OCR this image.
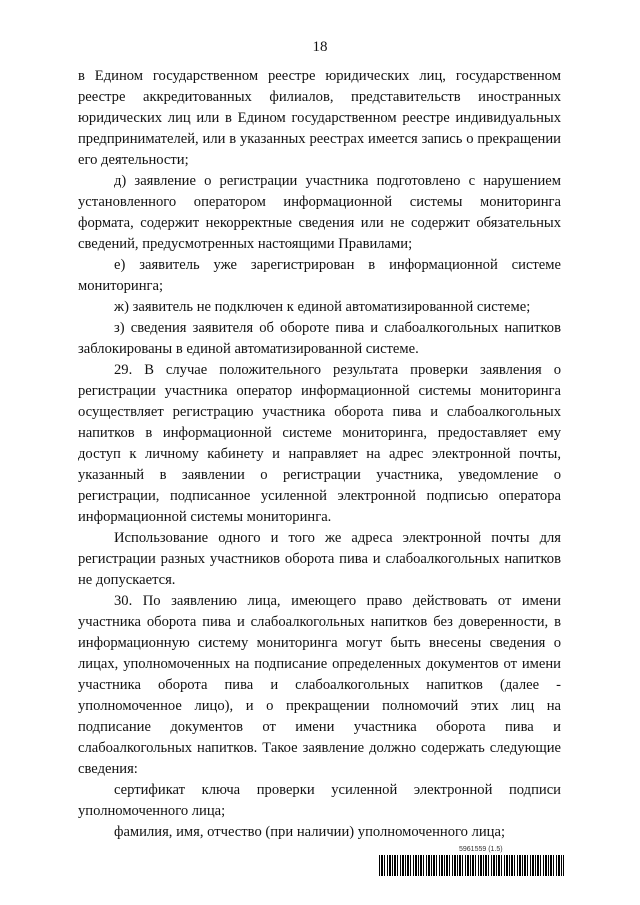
18

в Едином государственном реестре юридических лиц, государственном реестре аккредитованных филиалов, представительств иностранных юридических лиц или в Едином государственном реестре индивидуальных предпринимателей, или в указанных реестрах имеется запись о прекращении его деятельности;

д) заявление о регистрации участника подготовлено с нарушением установленного оператором информационной системы мониторинга формата, содержит некорректные сведения или не содержит обязательных сведений, предусмотренных настоящими Правилами;

е) заявитель уже зарегистрирован в информационной системе мониторинга;

ж) заявитель не подключен к единой автоматизированной системе;

з) сведения заявителя об обороте пива и слабоалкогольных напитков заблокированы в единой автоматизированной системе.

29. В случае положительного результата проверки заявления о регистрации участника оператор информационной системы мониторинга осуществляет регистрацию участника оборота пива и слабоалкогольных напитков в информационной системе мониторинга, предоставляет ему доступ к личному кабинету и направляет на адрес электронной почты, указанный в заявлении о регистрации участника, уведомление о регистрации, подписанное усиленной электронной подписью оператора информационной системы мониторинга.

Использование одного и того же адреса электронной почты для регистрации разных участников оборота пива и слабоалкогольных напитков не допускается.

30. По заявлению лица, имеющего право действовать от имени участника оборота пива и слабоалкогольных напитков без доверенности, в информационную систему мониторинга могут быть внесены сведения о лицах, уполномоченных на подписание определенных документов от имени участника оборота пива и слабоалкогольных напитков (далее - уполномоченное лицо), и о прекращении полномочий этих лиц на подписание документов от имени участника оборота пива и слабоалкогольных напитков. Такое заявление должно содержать следующие сведения:

сертификат ключа проверки усиленной электронной подписи уполномоченного лица;

фамилия, имя, отчество (при наличии) уполномоченного лица;

5961559 (1.5)
